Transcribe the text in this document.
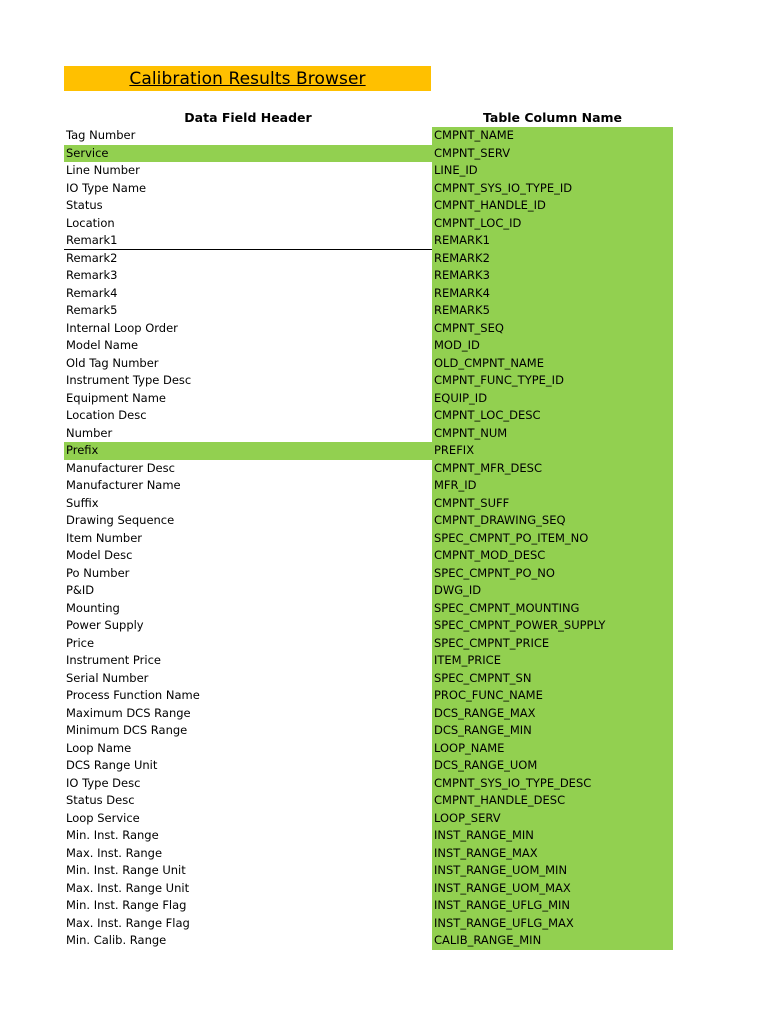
Calibration Results Browser
Data Field Header	Table Column Name
Tag Number	CMPNT_NAME
Service	CMPNT_SERV
Line Number	LINE_ID
IO Type Name	CMPNT_SYS_IO_TYPE_ID
Status	CMPNT_HANDLE_ID
Location	CMPNT_LOC_ID
Remark1	REMARK1
Remark2	REMARK2
Remark3	REMARK3
Remark4	REMARK4
Remark5	REMARK5
Internal Loop Order	CMPNT_SEQ
Model Name	MOD_ID
Old Tag Number	OLD_CMPNT_NAME
Instrument Type Desc	CMPNT_FUNC_TYPE_ID
Equipment Name	EQUIP_ID
Location Desc	CMPNT_LOC_DESC
Number	CMPNT_NUM
Prefix	PREFIX
Manufacturer Desc	CMPNT_MFR_DESC
Manufacturer Name	MFR_ID
Suffix	CMPNT_SUFF
Drawing Sequence	CMPNT_DRAWING_SEQ
Item Number	SPEC_CMPNT_PO_ITEM_NO
Model Desc	CMPNT_MOD_DESC
Po Number	SPEC_CMPNT_PO_NO
P&ID	DWG_ID
Mounting	SPEC_CMPNT_MOUNTING
Power Supply	SPEC_CMPNT_POWER_SUPPLY
Price	SPEC_CMPNT_PRICE
Instrument Price	ITEM_PRICE
Serial Number	SPEC_CMPNT_SN
Process Function Name	PROC_FUNC_NAME
Maximum DCS Range	DCS_RANGE_MAX
Minimum DCS Range	DCS_RANGE_MIN
Loop Name	LOOP_NAME
DCS Range Unit	DCS_RANGE_UOM
IO Type Desc	CMPNT_SYS_IO_TYPE_DESC
Status Desc	CMPNT_HANDLE_DESC
Loop Service	LOOP_SERV
Min. Inst. Range	INST_RANGE_MIN
Max. Inst. Range	INST_RANGE_MAX
Min. Inst. Range Unit	INST_RANGE_UOM_MIN
Max. Inst. Range Unit	INST_RANGE_UOM_MAX
Min. Inst. Range Flag	INST_RANGE_UFLG_MIN
Max. Inst. Range Flag	INST_RANGE_UFLG_MAX
Min. Calib. Range	CALIB_RANGE_MIN
